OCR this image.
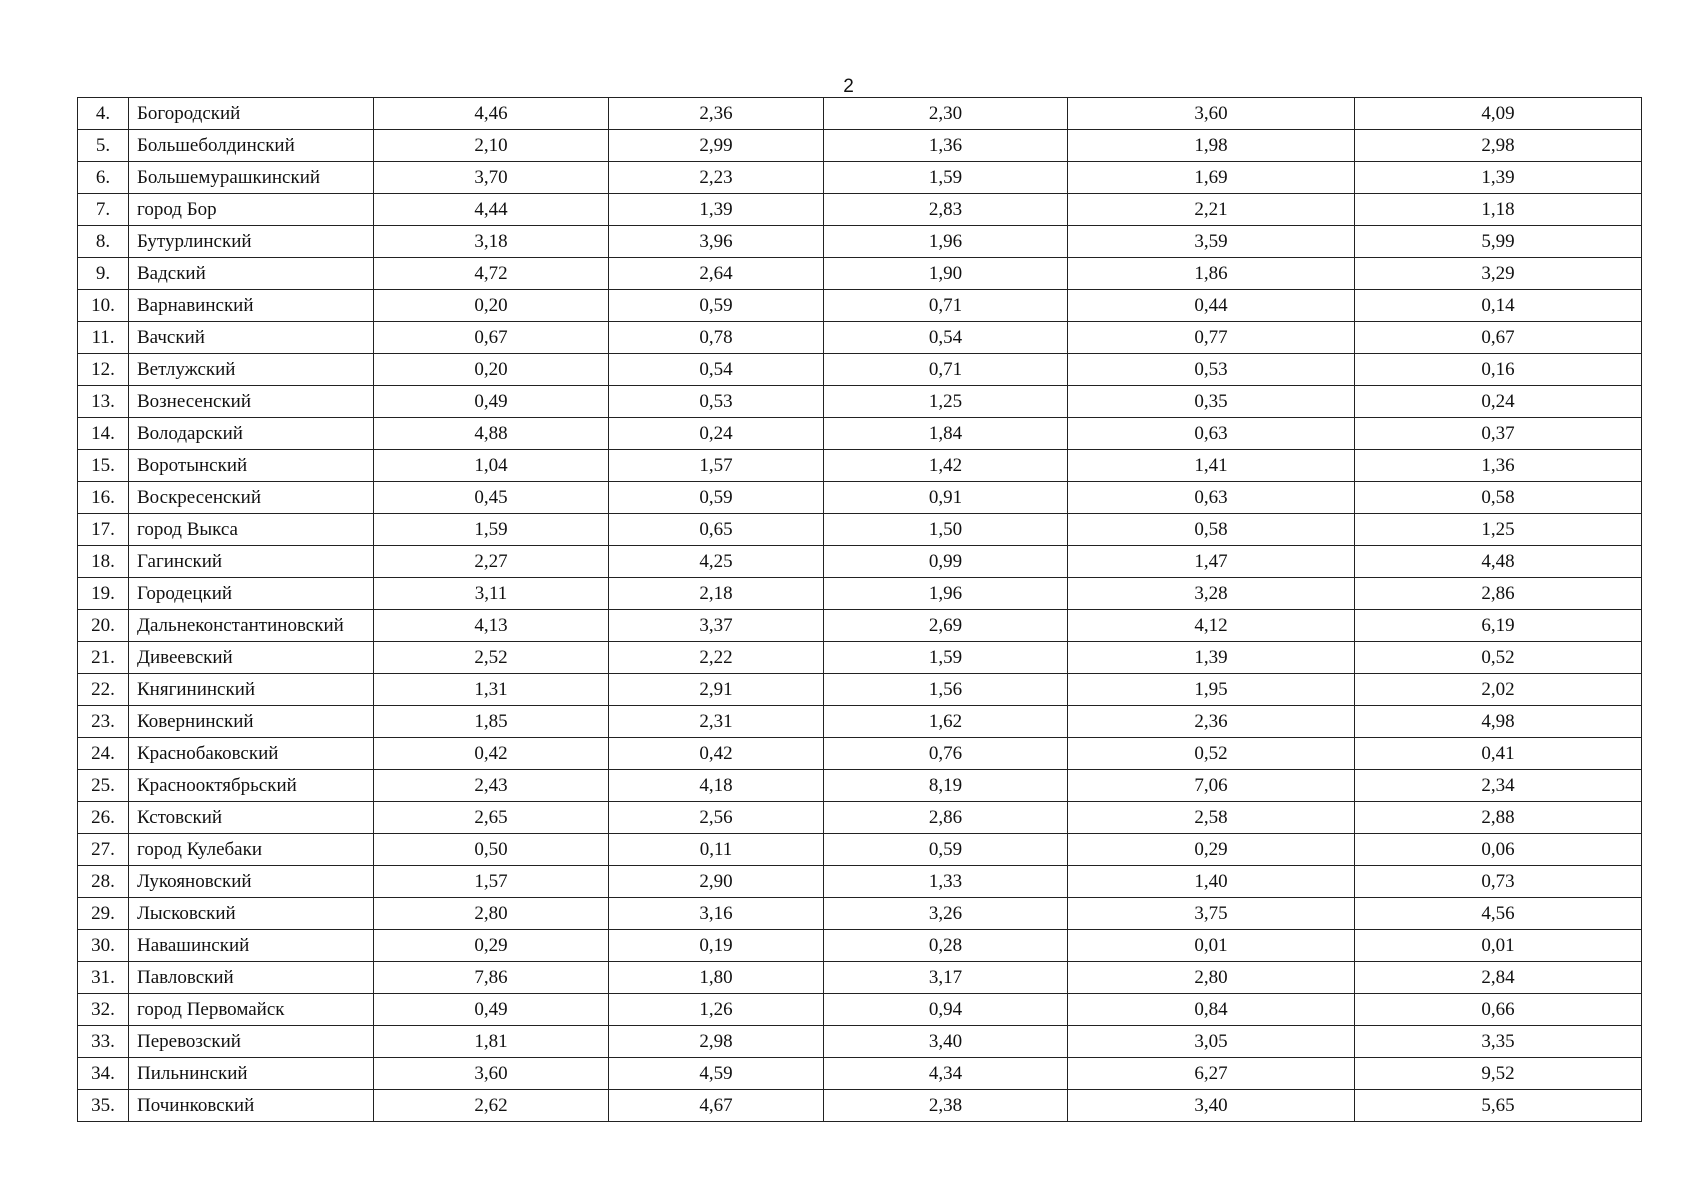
2
4.	Богородский	4,46	2,36	2,30	3,60	4,09
5.	Большеболдинский	2,10	2,99	1,36	1,98	2,98
6.	Большемурашкинский	3,70	2,23	1,59	1,69	1,39
7.	город Бор	4,44	1,39	2,83	2,21	1,18
8.	Бутурлинский	3,18	3,96	1,96	3,59	5,99
9.	Вадский	4,72	2,64	1,90	1,86	3,29
10.	Варнавинский	0,20	0,59	0,71	0,44	0,14
11.	Вачский	0,67	0,78	0,54	0,77	0,67
12.	Ветлужский	0,20	0,54	0,71	0,53	0,16
13.	Вознесенский	0,49	0,53	1,25	0,35	0,24
14.	Володарский	4,88	0,24	1,84	0,63	0,37
15.	Воротынский	1,04	1,57	1,42	1,41	1,36
16.	Воскресенский	0,45	0,59	0,91	0,63	0,58
17.	город Выкса	1,59	0,65	1,50	0,58	1,25
18.	Гагинский	2,27	4,25	0,99	1,47	4,48
19.	Городецкий	3,11	2,18	1,96	3,28	2,86
20.	Дальнеконстантиновский	4,13	3,37	2,69	4,12	6,19
21.	Дивеевский	2,52	2,22	1,59	1,39	0,52
22.	Княгининский	1,31	2,91	1,56	1,95	2,02
23.	Ковернинский	1,85	2,31	1,62	2,36	4,98
24.	Краснобаковский	0,42	0,42	0,76	0,52	0,41
25.	Краснооктябрьский	2,43	4,18	8,19	7,06	2,34
26.	Кстовский	2,65	2,56	2,86	2,58	2,88
27.	город Кулебаки	0,50	0,11	0,59	0,29	0,06
28.	Лукояновский	1,57	2,90	1,33	1,40	0,73
29.	Лысковский	2,80	3,16	3,26	3,75	4,56
30.	Навашинский	0,29	0,19	0,28	0,01	0,01
31.	Павловский	7,86	1,80	3,17	2,80	2,84
32.	город Первомайск	0,49	1,26	0,94	0,84	0,66
33.	Перевозский	1,81	2,98	3,40	3,05	3,35
34.	Пильнинский	3,60	4,59	4,34	6,27	9,52
35.	Починковский	2,62	4,67	2,38	3,40	5,65
